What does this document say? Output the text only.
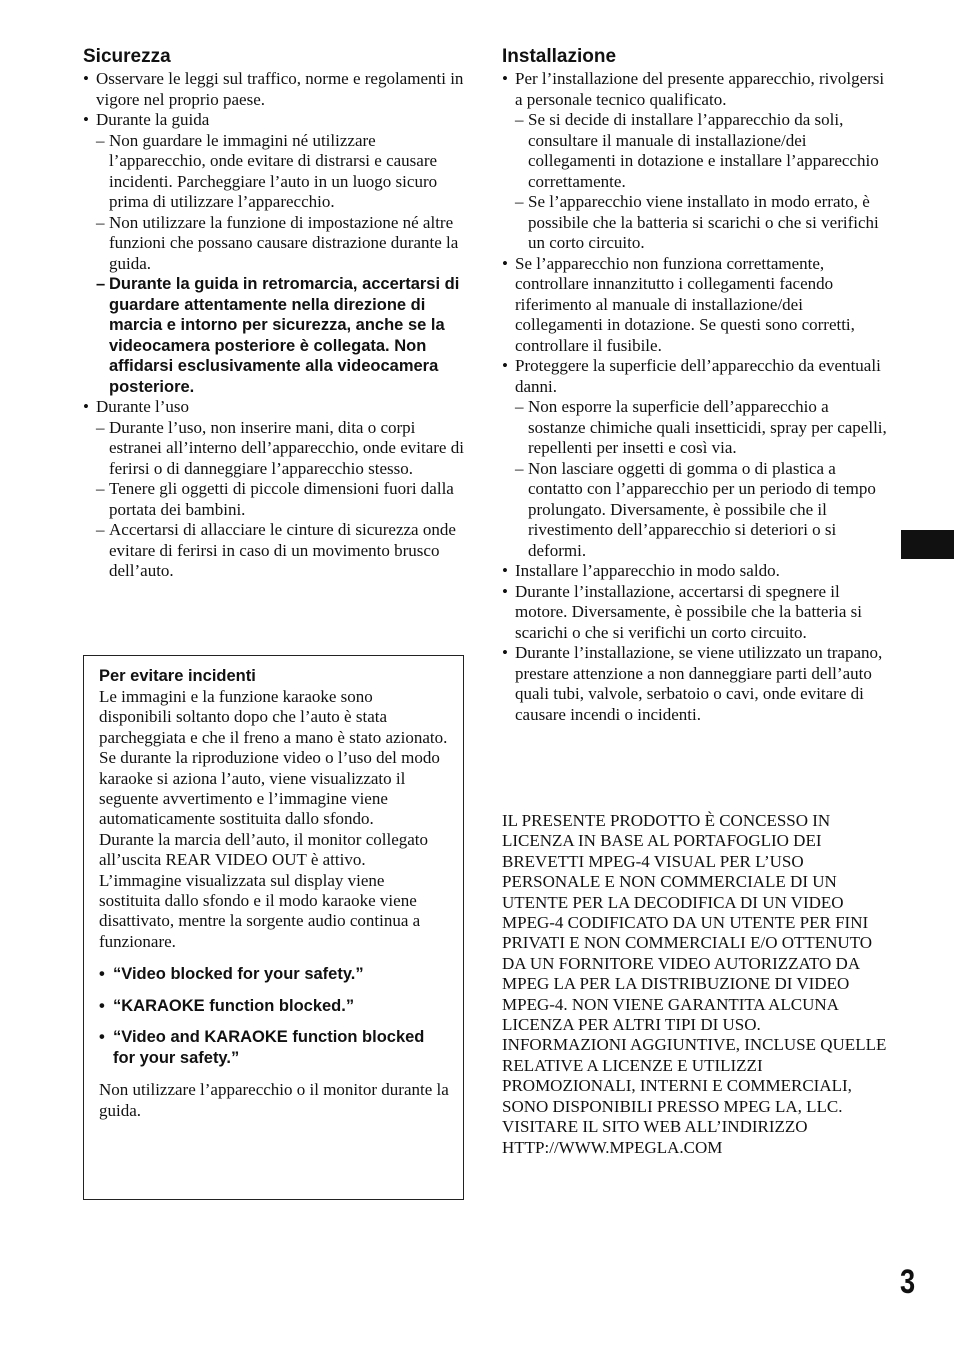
Sicurezza
• Osservare le leggi sul traffico, norme e regolamenti in vigore nel proprio paese.
• Durante la guida
– Non guardare le immagini né utilizzare l’apparecchio, onde evitare di distrarsi e causare incidenti. Parcheggiare l’auto in un luogo sicuro prima di utilizzare l’apparecchio.
– Non utilizzare la funzione di impostazione né altre funzioni che possano causare distrazione durante la guida.
– Durante la guida in retromarcia, accertarsi di guardare attentamente nella direzione di marcia e intorno per sicurezza, anche se la videocamera posteriore è collegata. Non affidarsi esclusivamente alla videocamera posteriore.
• Durante l’uso
– Durante l’uso, non inserire mani, dita o corpi estranei all’interno dell’apparecchio, onde evitare di ferirsi o di danneggiare l’apparecchio stesso.
– Tenere gli oggetti di piccole dimensioni fuori dalla portata dei bambini.
– Accertarsi di allacciare le cinture di sicurezza onde evitare di ferirsi in caso di un movimento brusco dell’auto.
Per evitare incidenti
Le immagini e la funzione karaoke sono disponibili soltanto dopo che l’auto è stata parcheggiata e che il freno a mano è stato azionato.
Se durante la riproduzione video o l’uso del modo karaoke si aziona l’auto, viene visualizzato il seguente avvertimento e l’immagine viene automaticamente sostituita dallo sfondo.
Durante la marcia dell’auto, il monitor collegato all’uscita REAR VIDEO OUT è attivo.
L’immagine visualizzata sul display viene sostituita dallo sfondo e il modo karaoke viene disattivato, mentre la sorgente audio continua a funzionare.
• “Video blocked for your safety.”
• “KARAOKE function blocked.”
• “Video and KARAOKE function blocked for your safety.”
Non utilizzare l’apparecchio o il monitor durante la guida.
Installazione
• Per l’installazione del presente apparecchio, rivolgersi a personale tecnico qualificato.
– Se si decide di installare l’apparecchio da soli, consultare il manuale di installazione/dei collegamenti in dotazione e installare l’apparecchio correttamente.
– Se l’apparecchio viene installato in modo errato, è possibile che la batteria si scarichi o che si verifichi un corto circuito.
• Se l’apparecchio non funziona correttamente, controllare innanzitutto i collegamenti facendo riferimento al manuale di installazione/dei collegamenti in dotazione. Se questi sono corretti, controllare il fusibile.
• Proteggere la superficie dell’apparecchio da eventuali danni.
– Non esporre la superficie dell’apparecchio a sostanze chimiche quali insetticidi, spray per capelli, repellenti per insetti e così via.
– Non lasciare oggetti di gomma o di plastica a contatto con l’apparecchio per un periodo di tempo prolungato. Diversamente, è possibile che il rivestimento dell’apparecchio si deteriori o si deformi.
• Installare l’apparecchio in modo saldo.
• Durante l’installazione, accertarsi di spegnere il motore. Diversamente, è possibile che la batteria si scarichi o che si verifichi un corto circuito.
• Durante l’installazione, se viene utilizzato un trapano, prestare attenzione a non danneggiare parti dell’auto quali tubi, valvole, serbatoio o cavi, onde evitare di causare incendi o incidenti.
IL PRESENTE PRODOTTO È CONCESSO IN LICENZA IN BASE AL PORTAFOGLIO DEI BREVETTI MPEG-4 VISUAL PER L’USO PERSONALE E NON COMMERCIALE DI UN UTENTE PER LA DECODIFICA DI UN VIDEO MPEG-4 CODIFICATO DA UN UTENTE PER FINI PRIVATI E NON COMMERCIALI E/O OTTENUTO DA UN FORNITORE VIDEO AUTORIZZATO DA MPEG LA PER LA DISTRIBUZIONE DI VIDEO MPEG-4. NON VIENE GARANTITA ALCUNA LICENZA PER ALTRI TIPI DI USO. INFORMAZIONI AGGIUNTIVE, INCLUSE QUELLE RELATIVE A LICENZE E UTILIZZI PROMOZIONALI, INTERNI E COMMERCIALI, SONO DISPONIBILI PRESSO MPEG LA, LLC. VISITARE IL SITO WEB ALL’INDIRIZZO HTTP://WWW.MPEGLA.COM
3
